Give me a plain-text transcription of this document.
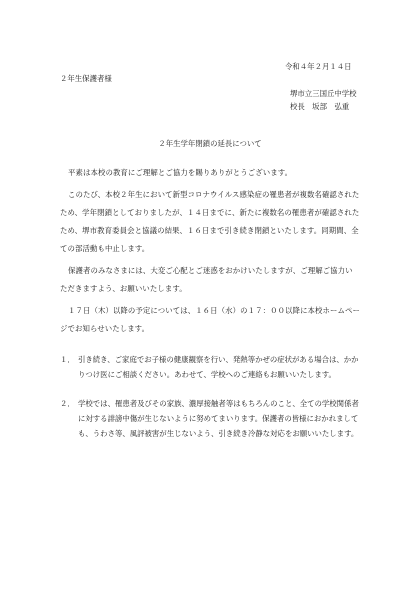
令和４年２月１４日
２年生保護者様
堺市立三国丘中学校
校長　坂部　弘重
２年生学年閉鎖の延長について

平素は本校の教育にご理解とご協力を賜りありがとうございます。

このたび、本校２年生において新型コロナウイルス感染症の罹患者が複数名確認されたため、学年閉鎖としておりましたが、１４日までに、新たに複数名の罹患者が確認されたため、堺市教育委員会と協議の結果、１６日まで引き続き閉鎖といたします。同期間、全ての部活動も中止します。

保護者のみなさまには、大変ご心配とご迷惑をおかけいたしますが、ご理解ご協力いただきますよう、お願いいたします。

１７日（木）以降の予定については、１６日（水）の１７：００以降に本校ホームページでお知らせいたします。

１． 引き続き、ご家庭でお子様の健康観察を行い、発熱等かぜの症状がある場合は、かかりつけ医にご相談ください。あわせて、学校へのご連絡もお願いいたします。
２． 学校では、罹患者及びその家族、濃厚接触者等はもちろんのこと、全ての学校関係者に対する誹謗中傷が生じないように努めてまいります。保護者の皆様におかれましても、うわさ等、風評被害が生じないよう、引き続き冷静な対応をお願いいたします。
